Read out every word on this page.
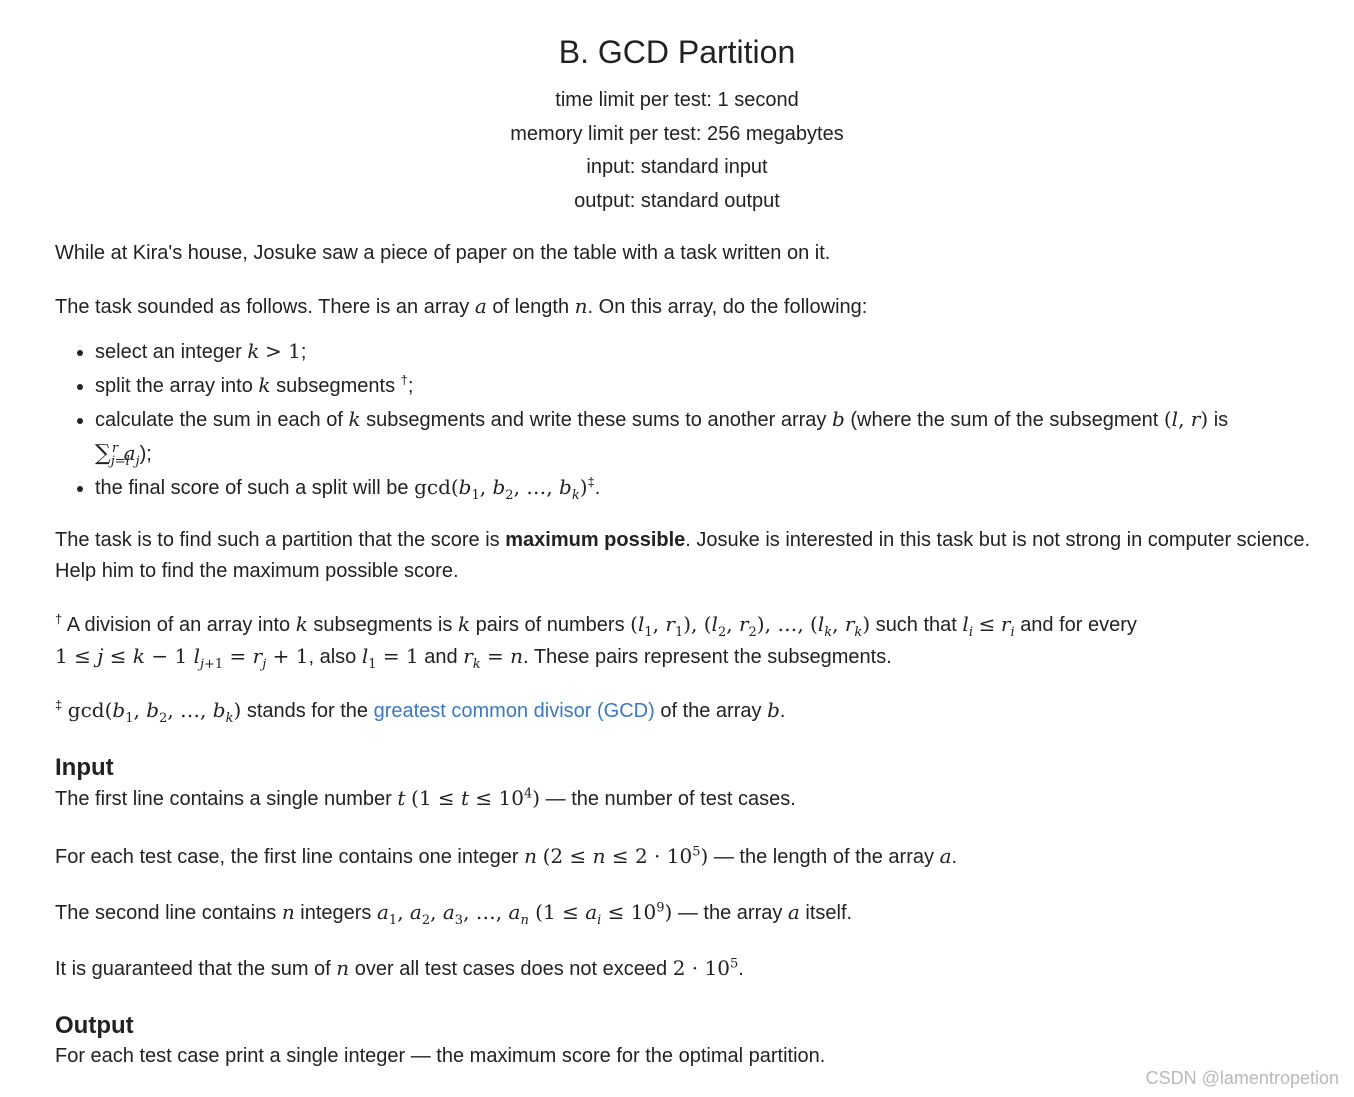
B. GCD Partition
time limit per test: 1 second
memory limit per test: 256 megabytes
input: standard input
output: standard output

While at Kira's house, Josuke saw a piece of paper on the table with a task written on it.

The task sounded as follows. There is an array a of length n. On this array, do the following:

• select an integer k > 1;
• split the array into k subsegments †;
• calculate the sum in each of k subsegments and write these sums to another array b (where the sum of the subsegment (l, r) is
$\sum_{j=l}^r$ $a_j$);
• the final score of such a split will be $\gcd(b_1$, $b_2$, …, $b_k)^\ddagger$.

The task is to find such a partition that the score is maximum possible. Josuke is interested in this task but is not strong in computer science. Help him to find the maximum possible score.

† A division of an array into k subsegments is k pairs of numbers ($l_1$, $r_1$), ($l_2$, $r_2$), …, ($l_k$, $r_k$) such that $l_i \le r_i$ and for every
1 ≤ j ≤ k − 1 $l_{j+1} = r_j + 1$, also $l_1 = 1$ and $r_k = n$. These pairs represent the subsegments.

‡ $\gcd(b_1$, $b_2$, …, $b_k$) stands for the greatest common divisor (GCD) of the array b.

Input

The first line contains a single number t $(1 \le t \le 10^4)$ — the number of test cases.

For each test case, the first line contains one integer n $(2 \le n \le 2 \cdot 10^5)$ — the length of the array a.

The second line contains n integers $a_1$, $a_2$, $a_3$, …, $a_n$ $(1 \le a_i \le 10^9)$ — the array a itself.

It is guaranteed that the sum of n over all test cases does not exceed $2 \cdot 10^5$.

Output

For each test case print a single integer — the maximum score for the optimal partition.

CSDN @lamentropetion
